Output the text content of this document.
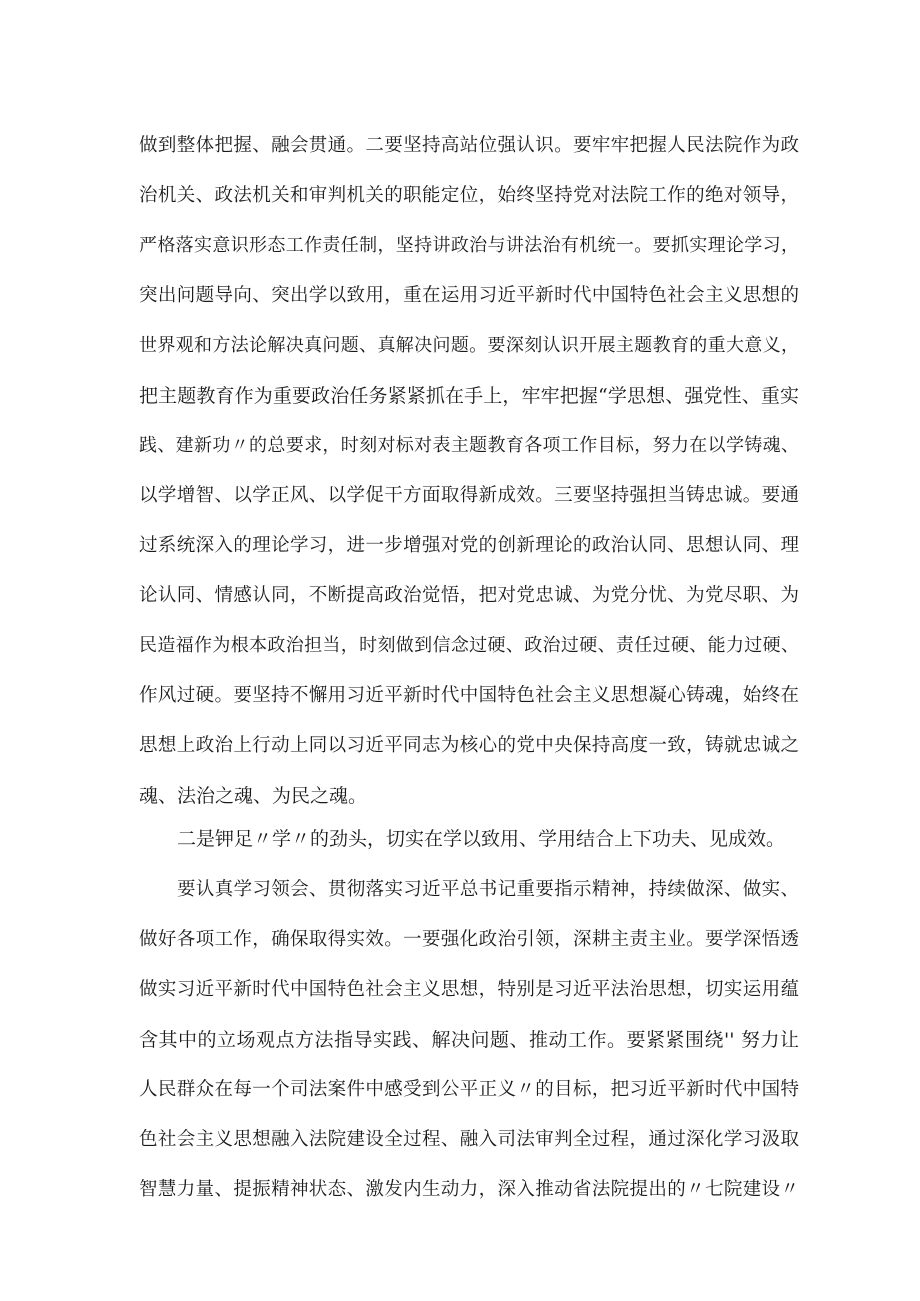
做到整体把握、融会贯通。二要坚持高站位强认识。要牢牢把握人民法院作为政
治机关、政法机关和审判机关的职能定位，始终坚持党对法院工作的绝对领导，
严格落实意识形态工作责任制，坚持讲政治与讲法治有机统一。要抓实理论学习，
突出问题导向、突出学以致用，重在运用习近平新时代中国特色社会主义思想的
世界观和方法论解决真问题、真解决问题。要深刻认识开展主题教育的重大意义，
把主题教育作为重要政治任务紧紧抓在手上，牢牢把握“学思想、强党性、重实
践、建新功〃的总要求，时刻对标对表主题教育各项工作目标，努力在以学铸魂、
以学增智、以学正风、以学促干方面取得新成效。三要坚持强担当铸忠诚。要通
过系统深入的理论学习，进一步增强对党的创新理论的政治认同、思想认同、理
论认同、情感认同，不断提高政治觉悟，把对党忠诚、为党分忧、为党尽职、为
民造福作为根本政治担当，时刻做到信念过硬、政治过硬、责任过硬、能力过硬、
作风过硬。要坚持不懈用习近平新时代中国特色社会主义思想凝心铸魂，始终在
思想上政治上行动上同以习近平同志为核心的党中央保持高度一致，铸就忠诚之
魂、法治之魂、为民之魂。
二是钾足〃学〃的劲头，切实在学以致用、学用结合上下功夫、见成效。
要认真学习领会、贯彻落实习近平总书记重要指示精神，持续做深、做实、
做好各项工作，确保取得实效。一要强化政治引领，深耕主责主业。要学深悟透
做实习近平新时代中国特色社会主义思想，特别是习近平法治思想，切实运用蕴
含其中的立场观点方法指导实践、解决问题、推动工作。要紧紧围绕'' 努力让
人民群众在每一个司法案件中感受到公平正义〃的目标，把习近平新时代中国特
色社会主义思想融入法院建设全过程、融入司法审判全过程，通过深化学习汲取
智慧力量、提振精神状态、激发内生动力，深入推动省法院提出的〃七院建设〃
